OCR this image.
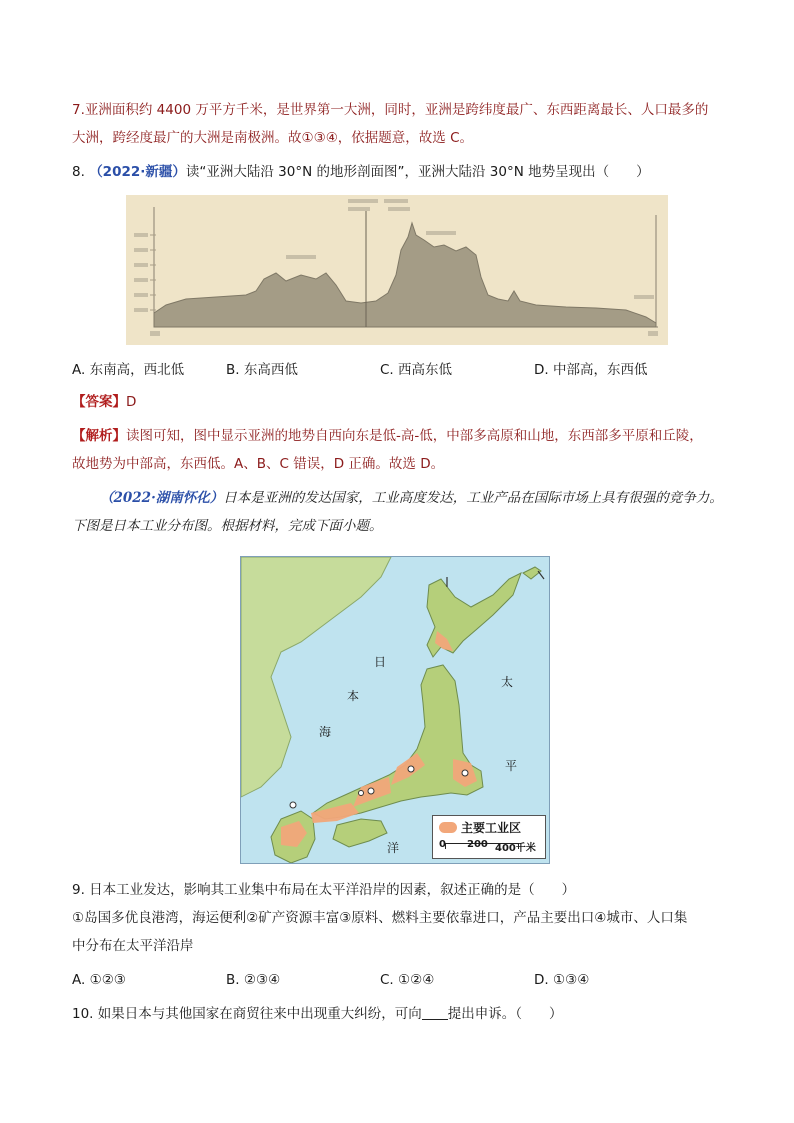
7.亚洲面积约 4400 万平方千米，是世界第一大洲，同时，亚洲是跨纬度最广、东西距离最长、人口最多的
大洲，跨经度最广的大洲是南极洲。故①③④，依据题意，故选 C。
8. （2022·新疆）读“亚洲大陆沿 30°N 的地形剖面图”，亚洲大陆沿 30°N 地势呈现出（　　）
A. 东南高，西北低	B. 东高西低	C. 西高东低	D. 中部高，东西低
【答案】D
【解析】读图可知，图中显示亚洲的地势自西向东是低-高-低，中部多高原和山地，东西部多平原和丘陵，
故地势为中部高，东西低。A、B、C 错误，D 正确。故选 D。
（2022·湖南怀化）日本是亚洲的发达国家，工业高度发达，工业产品在国际市场上具有很强的竞争力。
下图是日本工业分布图。根据材料，完成下面小题。
日
本
海
太
平
洋
主要工业区
0 200 400千米
9. 日本工业发达，影响其工业集中布局在太平洋沿岸的因素，叙述正确的是（　　）
①岛国多优良港湾，海运便利②矿产资源丰富③原料、燃料主要依靠进口，产品主要出口④城市、人口集
中分布在太平洋沿岸
A. ①②③	B. ②③④	C. ①②④	D. ①③④
10. 如果日本与其他国家在商贸往来中出现重大纠纷，可向 提出申诉。（　　）
